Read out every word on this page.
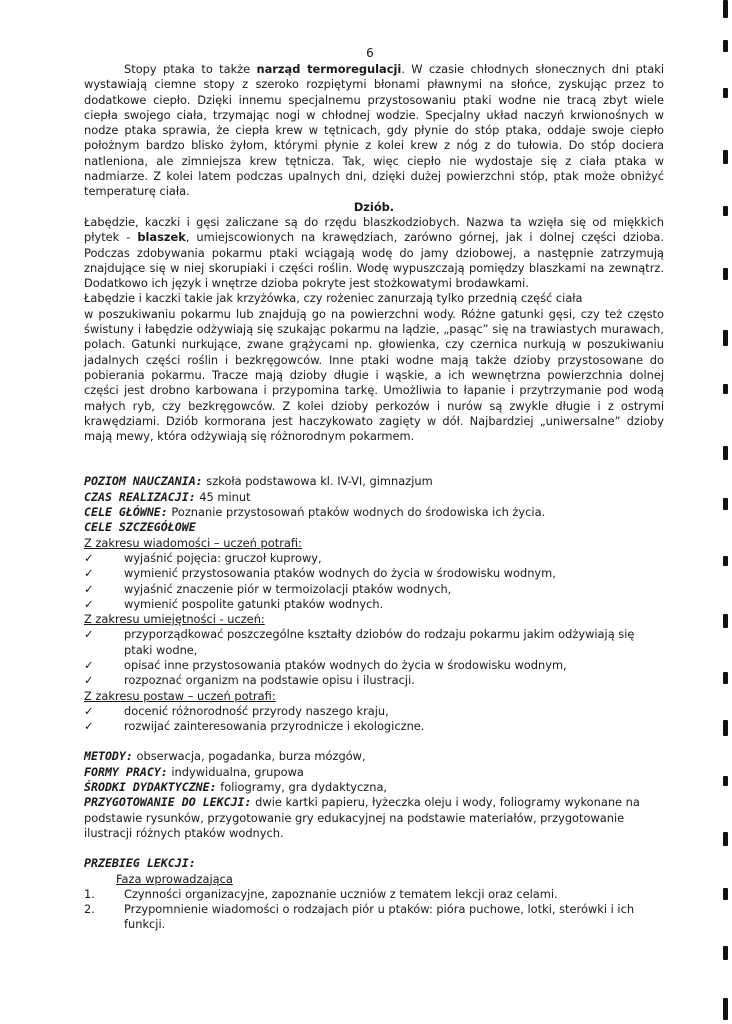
6

Stopy ptaka to także narząd termoregulacji. W czasie chłodnych słonecznych dni ptaki wystawiają ciemne stopy z szeroko rozpiętymi błonami pławnymi na słońce, zyskując przez to dodatkowe ciepło. Dzięki innemu specjalnemu przystosowaniu ptaki wodne nie tracą zbyt wiele ciepła swojego ciała, trzymając nogi w chłodnej wodzie. Specjalny układ naczyń krwionośnych w nodze ptaka sprawia, że ciepła krew w tętnicach, gdy płynie do stóp ptaka, oddaje swoje ciepło położnym bardzo blisko żyłom, którymi płynie z kolei krew z nóg z do tułowia. Do stóp dociera natleniona, ale zimniejsza krew tętnicza. Tak, więc ciepło nie wydostaje się z ciała ptaka w nadmiarze. Z kolei latem podczas upalnych dni, dzięki dużej powierzchni stóp, ptak może obniżyć temperaturę ciała.

Dziób.

Łabędzie, kaczki i gęsi zaliczane są do rzędu blaszkodziobych. Nazwa ta wzięła się od miękkich płytek - blaszek, umiejscowionych na krawędziach, zarówno górnej, jak i dolnej części dzioba. Podczas zdobywania pokarmu ptaki wciągają wodę do jamy dziobowej, a następnie zatrzymują znajdujące się w niej skorupiaki i części roślin. Wodę wypuszczają pomiędzy blaszkami na zewnątrz. Dodatkowo ich język i wnętrze dzioba pokryte jest stożkowatymi brodawkami.

Łabędzie i kaczki takie jak krzyżówka, czy rożeniec zanurzają tylko przednią część ciała

w poszukiwaniu pokarmu lub znajdują go na powierzchni wody. Różne gatunki gęsi, czy też często świstuny i łabędzie odżywiają się szukając pokarmu na lądzie, „pasąc” się na trawiastych murawach, polach. Gatunki nurkujące, zwane grążycami np. głowienka, czy czernica nurkują w poszukiwaniu jadalnych części roślin i bezkręgowców. Inne ptaki wodne mają także dzioby przystosowane do pobierania pokarmu. Tracze mają dzioby długie i wąskie, a ich wewnętrzna powierzchnia dolnej części jest drobno karbowana i przypomina tarkę. Umożliwia to łapanie i przytrzymanie pod wodą małych ryb, czy bezkręgowców. Z kolei dzioby perkozów i nurów są zwykle długie i z ostrymi krawędziami. Dziób kormorana jest haczykowato zagięty w dół. Najbardziej „uniwersalne” dzioby mają mewy, która odżywiają się różnorodnym pokarmem.

POZIOM NAUCZANIA: szkoła podstawowa kl. IV-VI, gimnazjum

CZAS REALIZACJI: 45 minut

CELE GŁÓWNE: Poznanie przystosowań ptaków wodnych do środowiska ich życia.

CELE SZCZEGÓŁOWE

Z zakresu wiadomości – uczeń potrafi:

✓	wyjaśnić pojęcia: gruczoł kuprowy,
✓	wymienić przystosowania ptaków wodnych do życia w środowisku wodnym,
✓	wyjaśnić znaczenie piór w termoizolacji ptaków wodnych,
✓	wymienić pospolite gatunki ptaków wodnych.

Z zakresu umiejętności - uczeń:

✓	przyporządkować poszczególne kształty dziobów do rodzaju pokarmu jakim odżywiają się ptaki wodne,
✓	opisać inne przystosowania ptaków wodnych do życia w środowisku wodnym,
✓	rozpoznać organizm na podstawie opisu i ilustracji.

Z zakresu postaw – uczeń potrafi:

✓	docenić różnorodność przyrody naszego kraju,
✓	rozwijać zainteresowania przyrodnicze i ekologiczne.

METODY: obserwacja, pogadanka, burza mózgów,

FORMY PRACY: indywidualna, grupowa

ŚRODKI DYDAKTYCZNE: foliogramy, gra dydaktyczna,

PRZYGOTOWANIE DO LEKCJI: dwie kartki papieru, łyżeczka oleju i wody, foliogramy wykonane na podstawie rysunków, przygotowanie gry edukacyjnej na podstawie materiałów, przygotowanie ilustracji różnych ptaków wodnych.

PRZEBIEG LEKCJI:

Faza wprowadzająca

1.	Czynności organizacyjne, zapoznanie uczniów z tematem lekcji oraz celami.
2.	Przypomnienie wiadomości o rodzajach piór u ptaków: pióra puchowe, lotki, sterówki i ich funkcji.
